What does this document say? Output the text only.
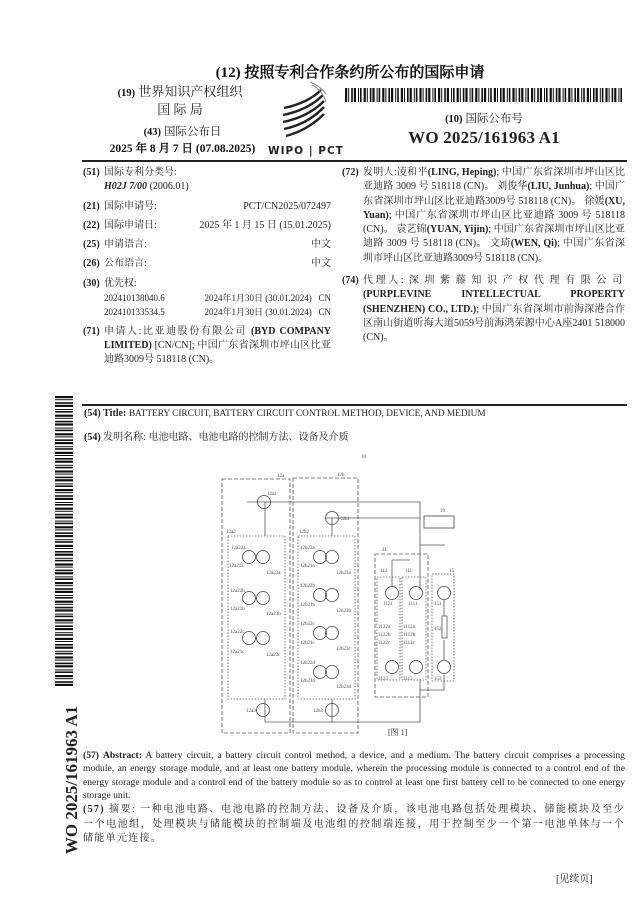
(12) 按照专利合作条约所公布的国际申请
(19) 世界知识产权组织
国 际 局
(43) 国际公布日
2025 年 8 月 7 日 (07.08.2025)	WIPO | PCT
(10) 国际公布号
WO 2025/161963 A1
(51) 国际专利分类号:
H02J 7/00 (2006.01)
(21) 国际申请号:	PCT/CN2025/072497
(22) 国际申请日:	2025 年 1 月 15 日 (15.01.2025)
(25) 申请语言:	中文
(26) 公布语言:	中文
(30) 优先权:
202410138040.6	2024年1月30日 (30.01.2024) CN
202410133534.5	2024年1月30日 (30.01.2024) CN
(71) 申请人:比亚迪股份有限公司 (BYD COMPANY LIMITED) [CN/CN]; 中国广东省深圳市坪山区比亚迪路3009号 518118 (CN)。
(72) 发明人:凌和平(LING, Heping); 中国广东省深圳市坪山区比亚迪路 3009 号 518118 (CN)。 刘俊华(LIU, Junhua); 中国广东省深圳市坪山区比亚迪路3009号 518118 (CN)。 徐媛(XU, Yuan); 中国广东省深圳市坪山区比亚迪路 3009 号 518118 (CN)。 袁艺锦(YUAN, Yijin); 中国广东省深圳市坪山区比亚迪路 3009 号 518118 (CN)。 文琦(WEN, Qi); 中国广东省深圳市坪山区比亚迪路3009号 518118 (CN)。
(74) 代理人: 深圳紫藤知识产权代理有限公司 (PURPLEVINE INTELLECTUAL PROPERTY (SHENZHEN) CO., LTD.); 中国广东省深圳市前海深港合作区南山街道听海大道5059号前海鸿荣源中心A座2401 518000 (CN)。
(54) Title: BATTERY CIRCUIT, BATTERY CIRCUIT CONTROL METHOD, DEVICE, AND MEDIUM
(54) 发明名称: 电池电路、电池电路的控制方法、设备及介质
10
12a	12b
12a1
12a2
12a22a
12a21a
12a23a
12a22b
12a21b
12a23b
12a22c
12a21c
12a23c
12a3
12b1
12b2
12b22a
12b21a
12b23a
12b22b
12b21b
12b23b
12b22c
12b21c
12b23c
12b22d
12b21d
12b23d
12b3
19
11
112	111	15
1121	1111
1122a
1122b
1122c
1112a
1112b
1112c
1123	1113
151
152
153
[图 1]
(57) Abstract: A battery circuit, a battery circuit control method, a device, and a medium. The battery circuit comprises a processing module, an energy storage module, and at least one battery module, wherein the processing module is connected to a control end of the energy storage module and a control end of the battery module so as to control at least one first battery cell to be connected to one energy storage unit.
(57) 摘要: 一种电池电路、电池电路的控制方法、设备及介质，该电池电路包括处理模块、储能模块及至少一个电池组，处理模块与储能模块的控制端及电池组的控制端连接，用于控制至少一个第一电池单体与一个储能单元连接。
WO 2025/161963 A1
[见续页]
